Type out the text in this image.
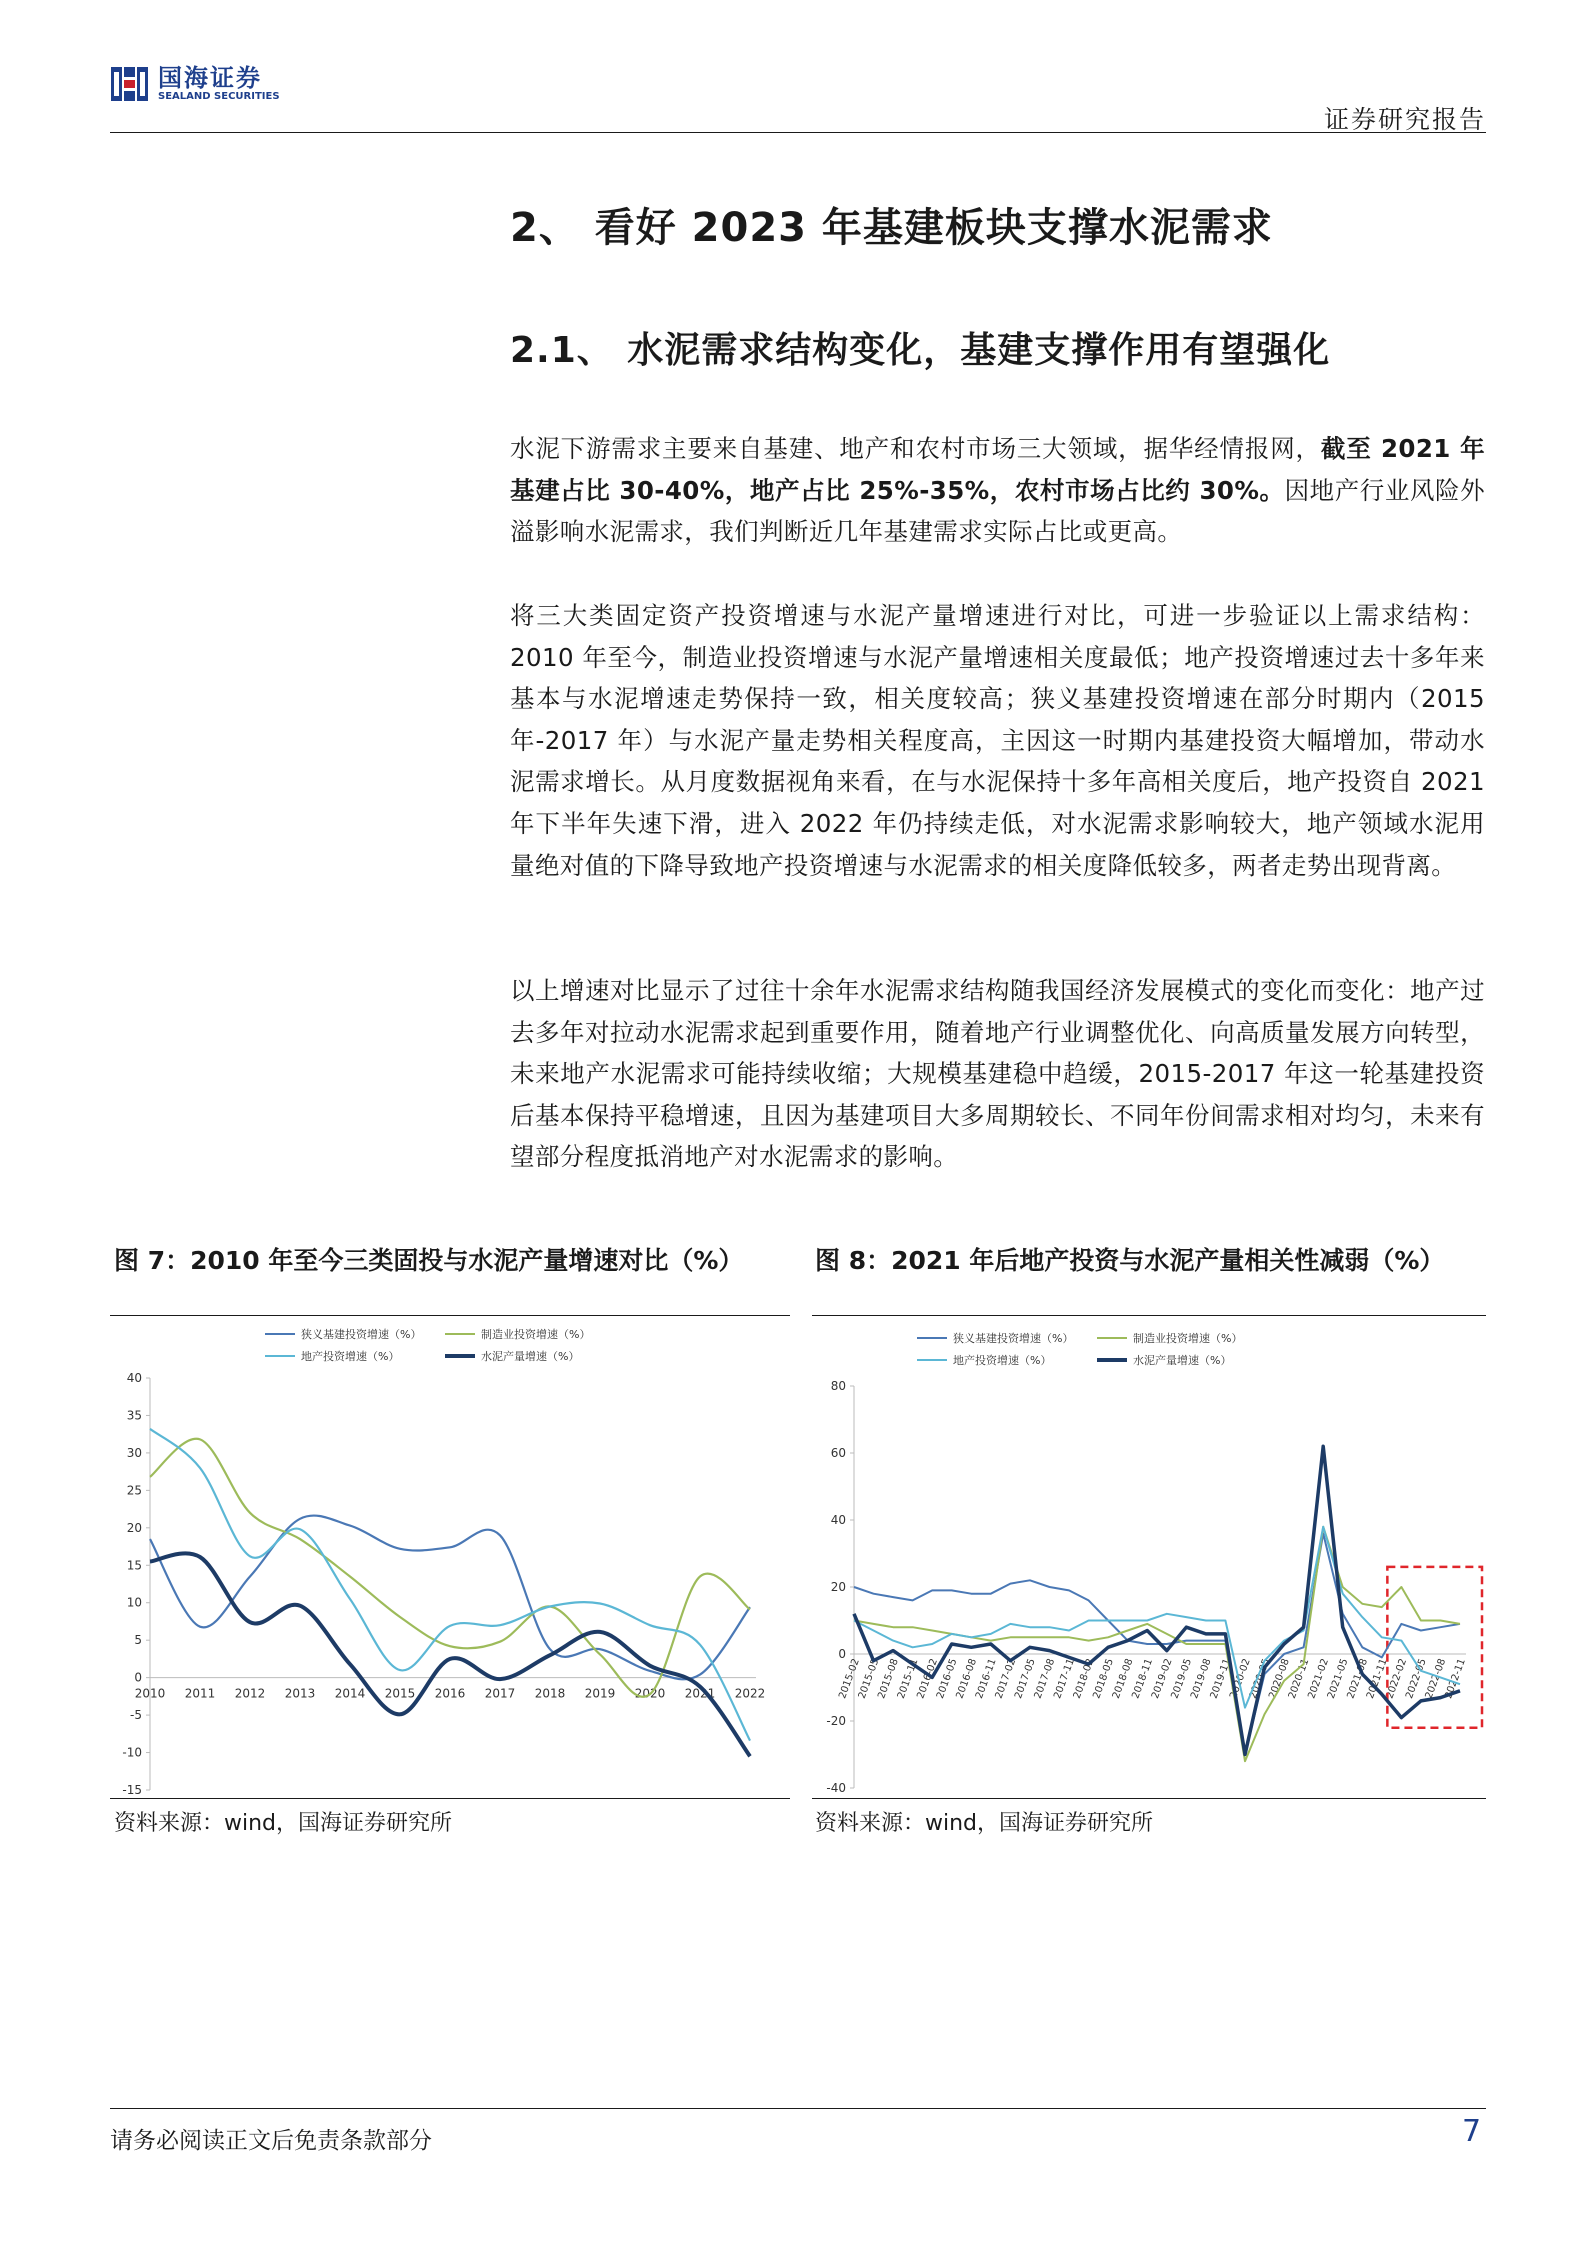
国海证券
SEALAND SECURITIES
证券研究报告
2、 看好 2023 年基建板块支撑水泥需求
2.1、 水泥需求结构变化，基建支撑作用有望强化
水泥下游需求主要来自基建、地产和农村市场三大领域，据华经情报网，截至 2021 年基建占比 30-40%，地产占比 25%-35%，农村市场占比约 30%。因地产行业风险外溢影响水泥需求，我们判断近几年基建需求实际占比或更高。
将三大类固定资产投资增速与水泥产量增速进行对比，可进一步验证以上需求结构：2010 年至今，制造业投资增速与水泥产量增速相关度最低；地产投资增速过去十多年来基本与水泥增速走势保持一致，相关度较高；狭义基建投资增速在部分时期内（2015 年-2017 年）与水泥产量走势相关程度高，主因这一时期内基建投资大幅增加，带动水泥需求增长。从月度数据视角来看，在与水泥保持十多年高相关度后，地产投资自 2021 年下半年失速下滑，进入 2022 年仍持续走低，对水泥需求影响较大，地产领域水泥用量绝对值的下降导致地产投资增速与水泥需求的相关度降低较多，两者走势出现背离。
以上增速对比显示了过往十余年水泥需求结构随我国经济发展模式的变化而变化：地产过去多年对拉动水泥需求起到重要作用，随着地产行业调整优化、向高质量发展方向转型，未来地产水泥需求可能持续收缩；大规模基建稳中趋缓，2015-2017 年这一轮基建投资后基本保持平稳增速，且因为基建项目大多周期较长、不同年份间需求相对均匀，未来有望部分程度抵消地产对水泥需求的影响。
图 7：2010 年至今三类固投与水泥产量增速对比（%）	图 8：2021 年后地产投资与水泥产量相关性减弱（%）
狭义基建投资增速（%）	制造业投资增速（%）
地产投资增速（%）	水泥产量增速（%）
-15
-10
-5
0
5
10
15
20
25
30
35
40
2010 2011 2012 2013 2014 2015 2016 2017 2018 2019 2020 2021 2022
狭义基建投资增速（%）	制造业投资增速（%）
地产投资增速（%）	水泥产量增速（%）
-40
-20
0
20
40
60
80
2015-02
2015-05
2015-08
2015-11
2016-02
2016-05
2016-08
2016-11
2017-02
2017-05
2017-08
2017-11
2018-02
2018-05
2018-08
2018-11
2019-02
2019-05
2019-08
2019-11
2020-02
2020-05
2020-08
2020-11
2021-02
2021-05
2021-08
2021-11
2022-02
2022-05
2022-08
2022-11
资料来源：wind，国海证券研究所	资料来源：wind，国海证券研究所
请务必阅读正文后免责条款部分	7
